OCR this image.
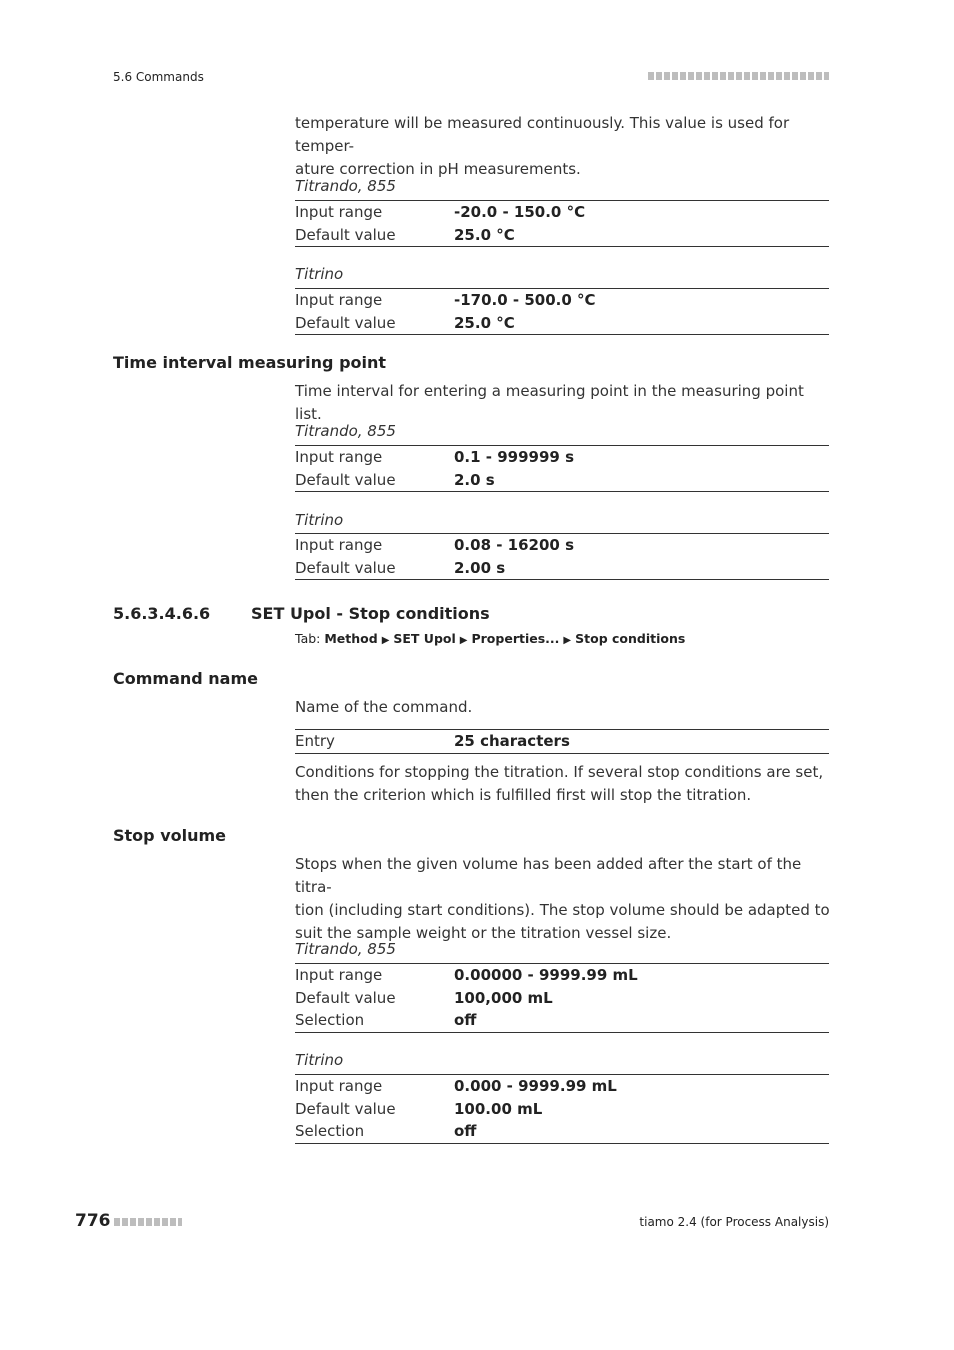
5.6 Commands
temperature will be measured continuously. This value is used for temper-
ature correction in pH measurements.
Titrando, 855
Input range	-20.0 - 150.0 °C
Default value	25.0 °C
Titrino
Input range	-170.0 - 500.0 °C
Default value	25.0 °C
Time interval measuring point
Time interval for entering a measuring point in the measuring point list.
Titrando, 855
Input range	0.1 - 999999 s
Default value	2.0 s
Titrino
Input range	0.08 - 16200 s
Default value	2.00 s
5.6.3.4.6.6	SET Upol - Stop conditions
Tab: Method ▶ SET Upol ▶ Properties... ▶ Stop conditions
Command name
Name of the command.
Entry	25 characters
Conditions for stopping the titration. If several stop conditions are set,
then the criterion which is fulfilled first will stop the titration.
Stop volume
Stops when the given volume has been added after the start of the titra-
tion (including start conditions). The stop volume should be adapted to
suit the sample weight or the titration vessel size.
Titrando, 855
Input range	0.00000 - 9999.99 mL
Default value	100,000 mL
Selection	off
Titrino
Input range	0.000 - 9999.99 mL
Default value	100.00 mL
Selection	off
776	tiamo 2.4 (for Process Analysis)
